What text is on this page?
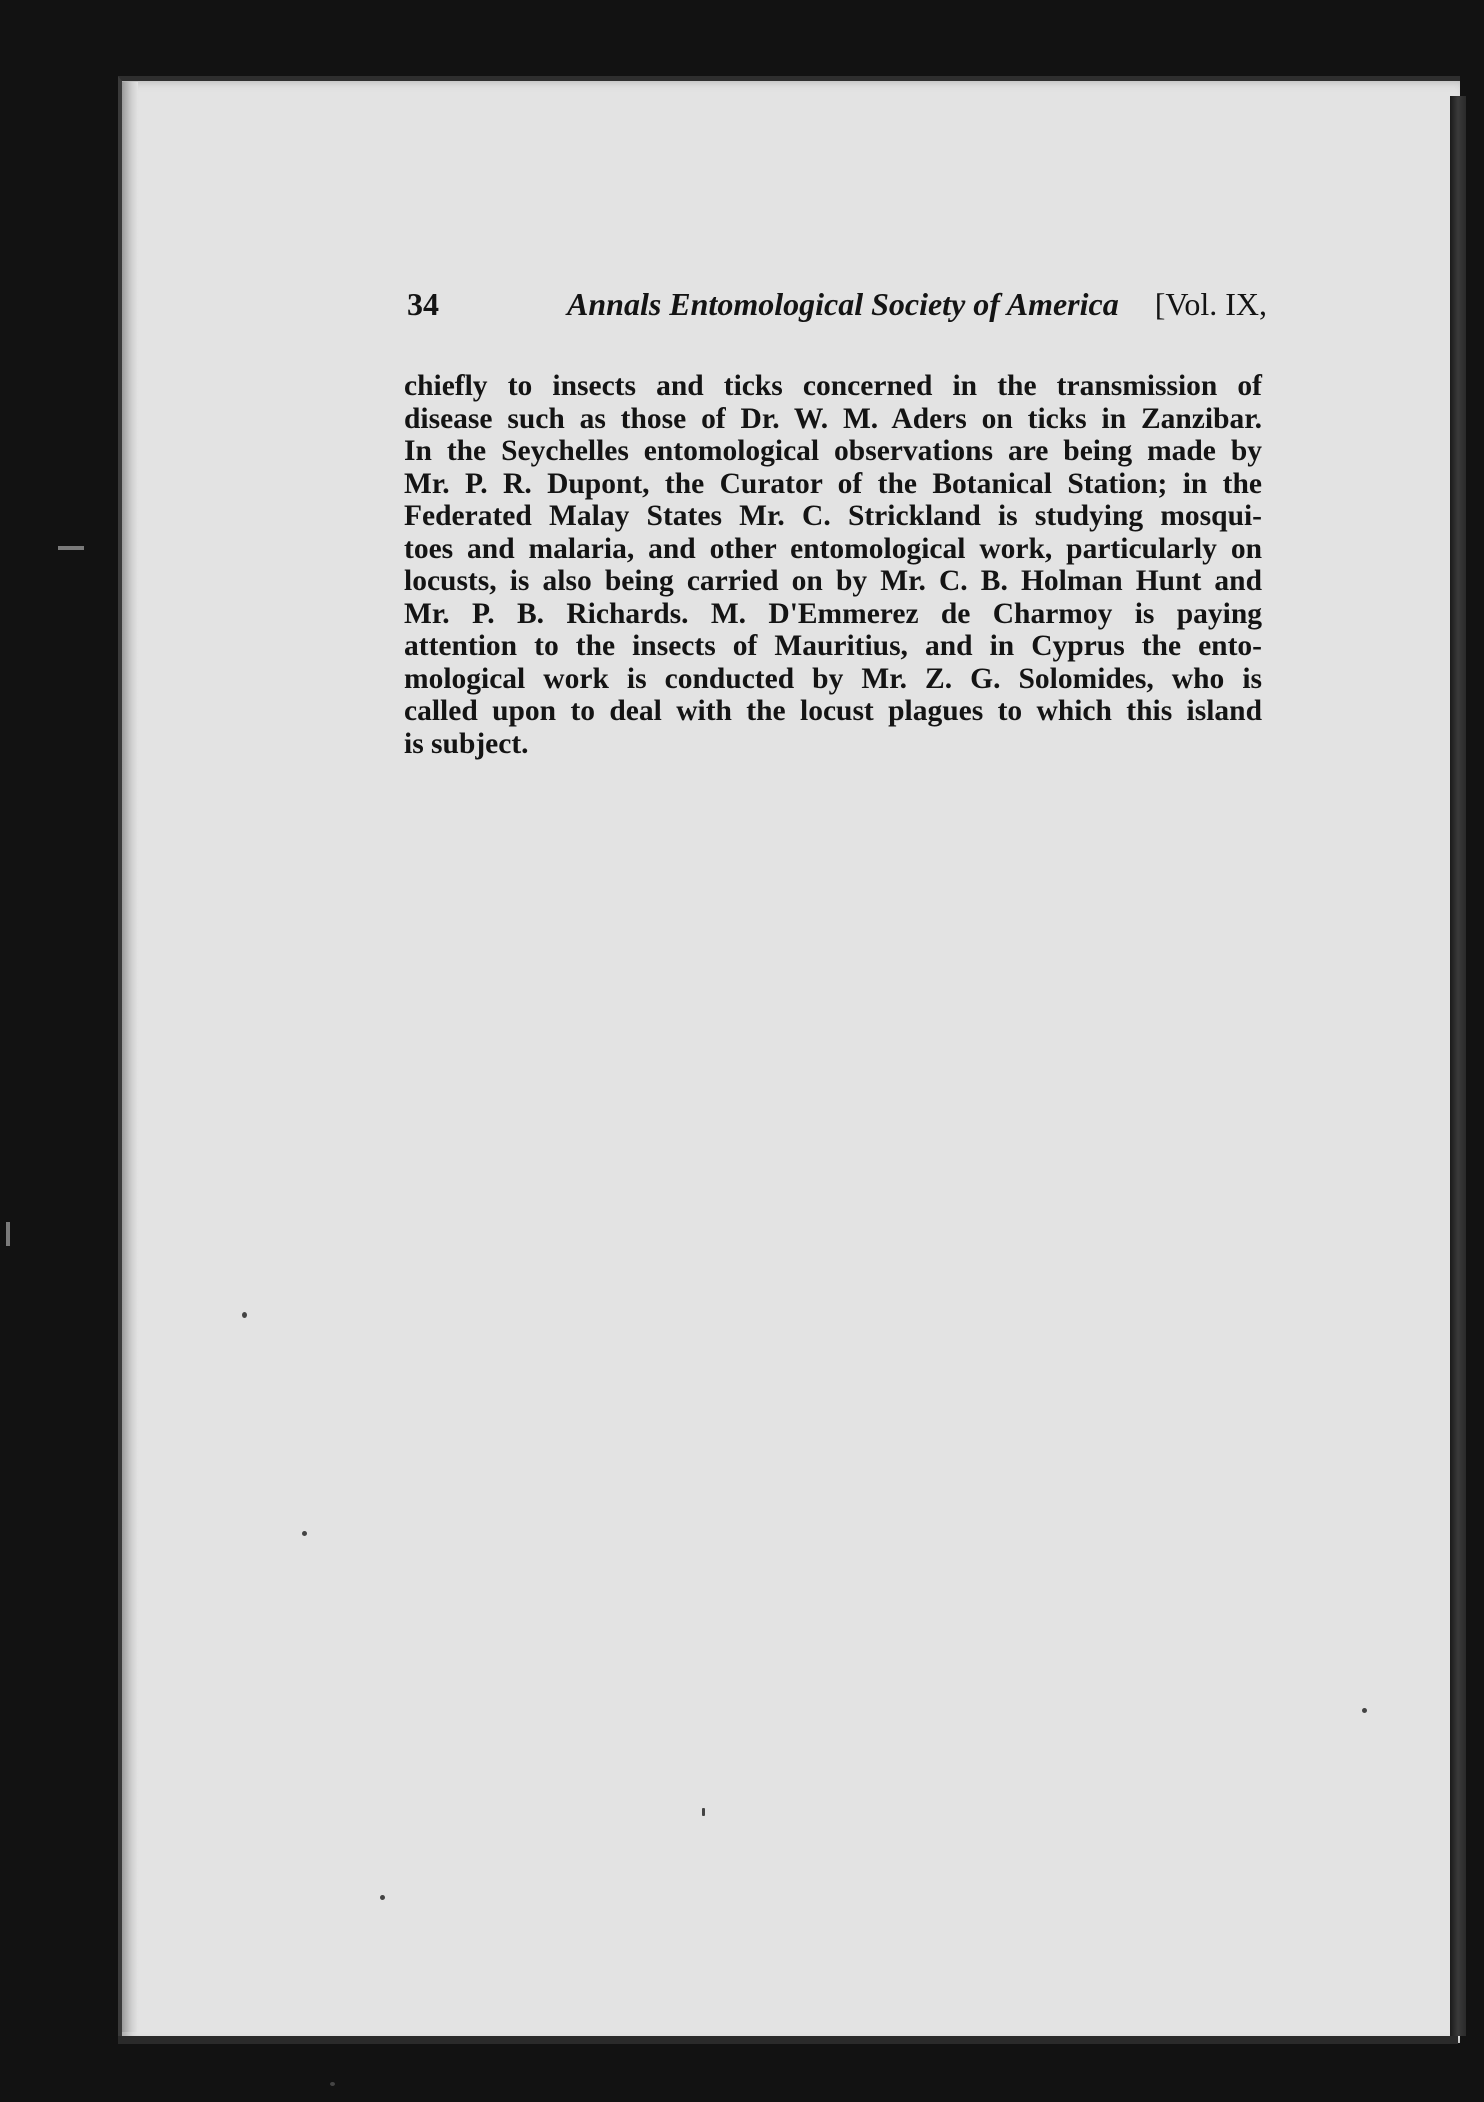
34	Annals Entomological Society of America [Vol. IX,
chiefly to insects and ticks concerned in the transmission of
disease such as those of Dr. W. M. Aders on ticks in Zanzibar.
In the Seychelles entomological observations are being made by
Mr. P. R. Dupont, the Curator of the Botanical Station; in the
Federated Malay States Mr. C. Strickland is studying mosqui-
toes and malaria, and other entomological work, particularly on
locusts, is also being carried on by Mr. C. B. Holman Hunt and
Mr. P. B. Richards. M. D'Emmerez de Charmoy is paying
attention to the insects of Mauritius, and in Cyprus the ento-
mological work is conducted by Mr. Z. G. Solomides, who is
called upon to deal with the locust plagues to which this island
is subject.
